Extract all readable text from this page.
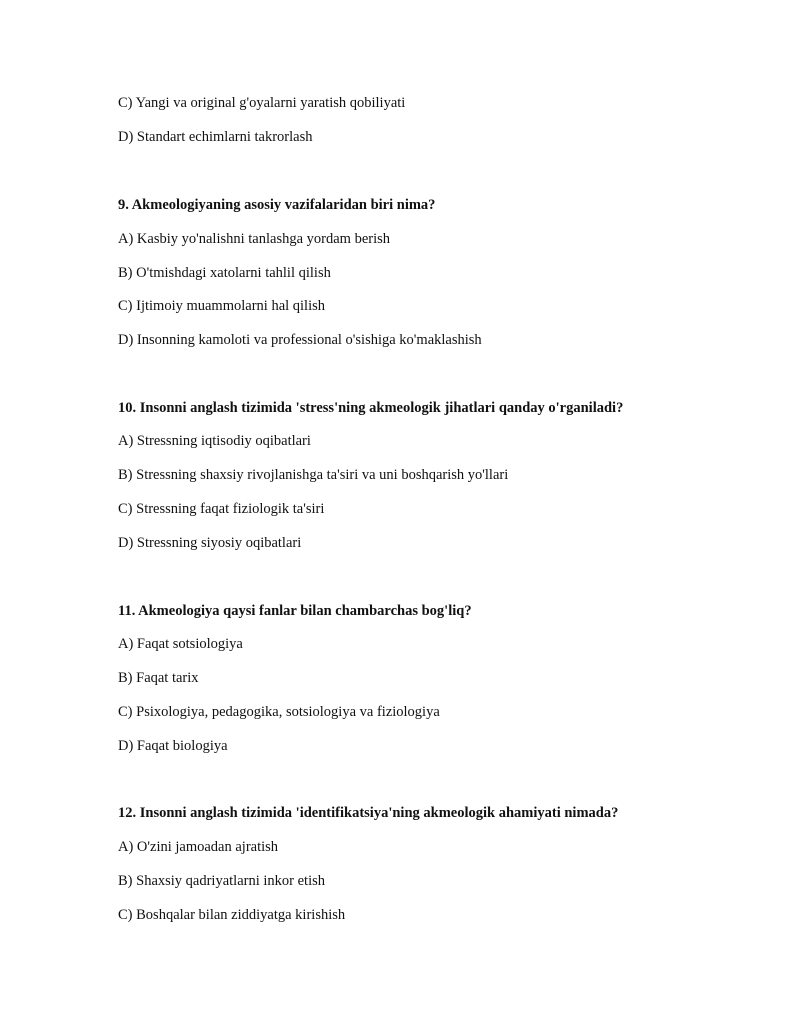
C) Yangi va original g'oyalarni yaratish qobiliyati
D) Standart echimlarni takrorlash
9. Akmeologiyaning asosiy vazifalaridan biri nima?
A) Kasbiy yo'nalishni tanlashga yordam berish
B) O'tmishdagi xatolarni tahlil qilish
C) Ijtimoiy muammolarni hal qilish
D) Insonning kamoloti va professional o'sishiga ko'maklashish
10. Insonni anglash tizimida 'stress'ning akmeologik jihatlari qanday o'rganiladi?
A) Stressning iqtisodiy oqibatlari
B) Stressning shaxsiy rivojlanishga ta'siri va uni boshqarish yo'llari
C) Stressning faqat fiziologik ta'siri
D) Stressning siyosiy oqibatlari
11. Akmeologiya qaysi fanlar bilan chambarchas bog'liq?
A) Faqat sotsiologiya
B) Faqat tarix
C) Psixologiya, pedagogika, sotsiologiya va fiziologiya
D) Faqat biologiya
12. Insonni anglash tizimida 'identifikatsiya'ning akmeologik ahamiyati nimada?
A) O'zini jamoadan ajratish
B) Shaxsiy qadriyatlarni inkor etish
C) Boshqalar bilan ziddiyatga kirishish
